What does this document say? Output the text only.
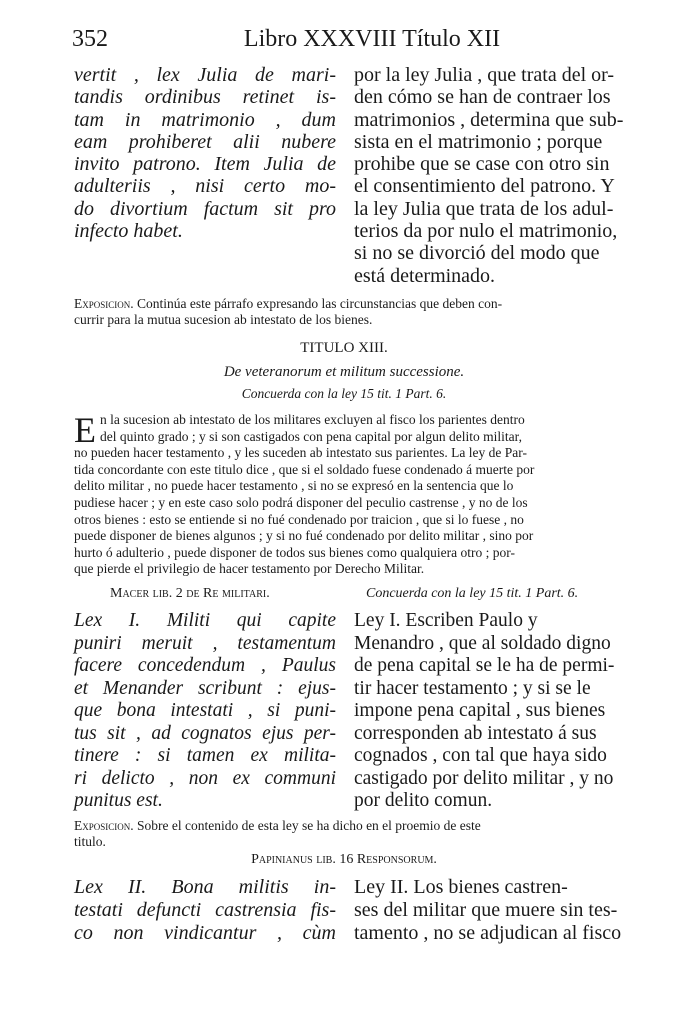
352	Libro XXXVIII Título XII
vertit , lex Julia de mari-
tandis ordinibus retinet is-
tam in matrimonio , dum
eam prohiberet alii nubere
invito patrono. Item Julia de
adulteriis , nisi certo mo-
do divortium factum sit pro
infecto habet.
por la ley Julia , que trata del or-
den cómo se han de contraer los
matrimonios , determina que sub-
sista en el matrimonio ; porque
prohibe que se case con otro sin
el consentimiento del patrono. Y
la ley Julia que trata de los adul-
terios da por nulo el matrimonio,
si no se divorció del modo que
está determinado.
Exposicion. Continúa este párrafo expresando las circunstancias que deben con-
currir para la mutua sucesion ab intestato de los bienes.
TITULO XIII.
De veteranorum et militum successione.
Concuerda con la ley 15 tit. 1 Part. 6.
E n la sucesion ab intestato de los militares excluyen al fisco los parientes dentro
del quinto grado ; y si son castigados con pena capital por algun delito militar,
no pueden hacer testamento , y les suceden ab intestato sus parientes. La ley de Par-
tida concordante con este titulo dice , que si el soldado fuese condenado á muerte por
delito militar , no puede hacer testamento , si no se expresó en la sentencia que lo
pudiese hacer ; y en este caso solo podrá disponer del peculio castrense , y no de los
otros bienes : esto se entiende si no fué condenado por traicion , que si lo fuese , no
puede disponer de bienes algunos ; y si no fué condenado por delito militar , sino por
hurto ó adulterio , puede disponer de todos sus bienes como qualquiera otro ; por-
que pierde el privilegio de hacer testamento por Derecho Militar.
Macer lib. 2 de Re militari.	Concuerda con la ley 15 tit. 1 Part. 6.
Lex I. Militi qui capite
puniri meruit , testamentum
facere concedendum , Paulus
et Menander scribunt : ejus-
que bona intestati , si puni-
tus sit , ad cognatos ejus per-
tinere : si tamen ex milita-
ri delicto , non ex communi
punitus est.
Ley I. Escriben Paulo y
Menandro , que al soldado digno
de pena capital se le ha de permi-
tir hacer testamento ; y si se le
impone pena capital , sus bienes
corresponden ab intestato á sus
cognados , con tal que haya sido
castigado por delito militar , y no
por delito comun.
Exposicion. Sobre el contenido de esta ley se ha dicho en el proemio de este
titulo.
Papinianus lib. 16 Responsorum.
Lex II. Bona militis in-
testati defuncti castrensia fis-
co non vindicantur , cùm
Ley II. Los bienes castren-
ses del militar que muere sin tes-
tamento , no se adjudican al fisco
